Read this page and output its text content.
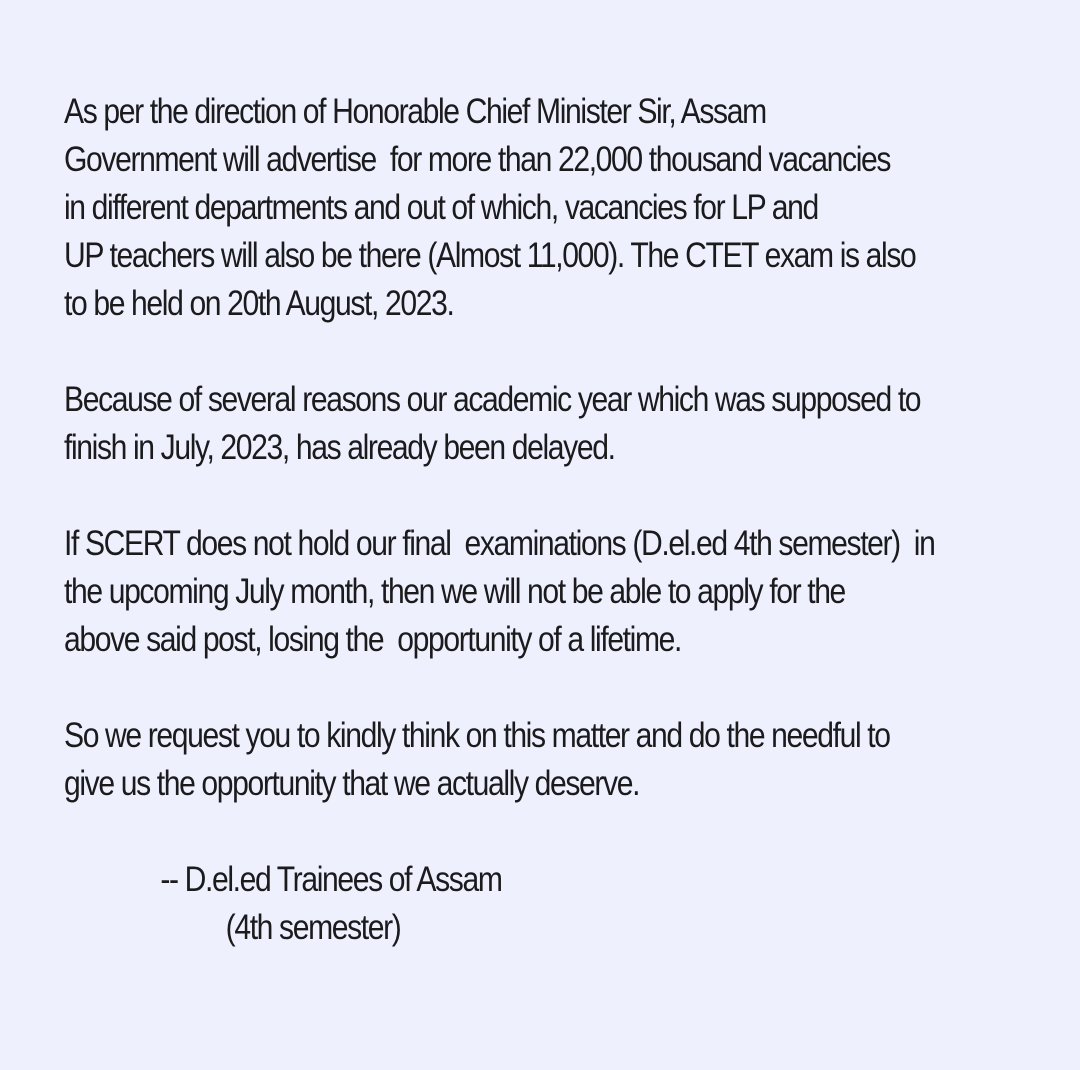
As per the direction of Honorable Chief Minister Sir, Assam
Government will advertise  for more than 22,000 thousand vacancies
in different departments and out of which, vacancies for LP and
UP teachers will also be there (Almost 11,000). The CTET exam is also
to be held on 20th August, 2023.

Because of several reasons our academic year which was supposed to
finish in July, 2023, has already been delayed.

If SCERT does not hold our final  examinations (D.el.ed 4th semester)  in
the upcoming July month, then we will not be able to apply for the
above said post, losing the  opportunity of a lifetime.

So we request you to kindly think on this matter and do the needful to
give us the opportunity that we actually deserve.

-- D.el.ed Trainees of Assam
(4th semester)
